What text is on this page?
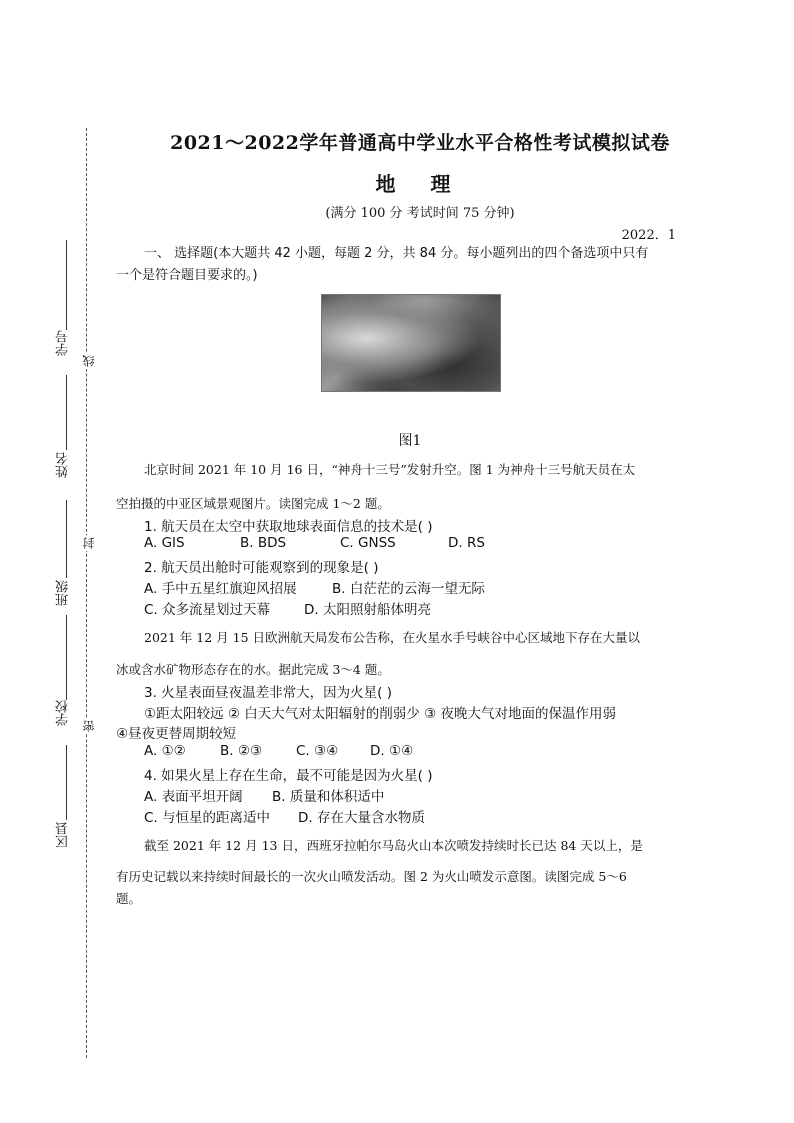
学号
姓名
班级
学校
区县
线
封
密
2021～2022学年普通高中学业水平合格性考试模拟试卷
地 理
(满分 100 分 考试时间 75 分钟)
2022．1
一、 选择题(本大题共 42 小题，每题 2 分，共 84 分。每小题列出的四个备选项中只有
一个是符合题目要求的。)
图1
北京时间 2021 年 10 月 16 日，“神舟十三号”发射升空。图 1 为神舟十三号航天员在太
空拍摄的中亚区域景观图片。读图完成 1～2 题。
1. 航天员在太空中获取地球表面信息的技术是( )
A. GIS	B. BDS	C. GNSS	D. RS
2. 航天员出舱时可能观察到的现象是( )
A. 手中五星红旗迎风招展	B. 白茫茫的云海一望无际
C. 众多流星划过天幕	D. 太阳照射船体明亮
2021 年 12 月 15 日欧洲航天局发布公告称，在火星水手号峡谷中心区域地下存在大量以
冰或含水矿物形态存在的水。据此完成 3～4 题。
3. 火星表面昼夜温差非常大，因为火星( )
①距太阳较远 ② 白天大气对太阳辐射的削弱少 ③ 夜晚大气对地面的保温作用弱
④昼夜更替周期较短
A. ①②	B. ②③	C. ③④ D. ①④
4. 如果火星上存在生命，最不可能是因为火星( )
A. 表面平坦开阔 B. 质量和体积适中
C. 与恒星的距离适中 D. 存在大量含水物质
截至 2021 年 12 月 13 日，西班牙拉帕尔马岛火山本次喷发持续时长已达 84 天以上，是
有历史记载以来持续时间最长的一次火山喷发活动。图 2 为火山喷发示意图。读图完成 5～6
题。
